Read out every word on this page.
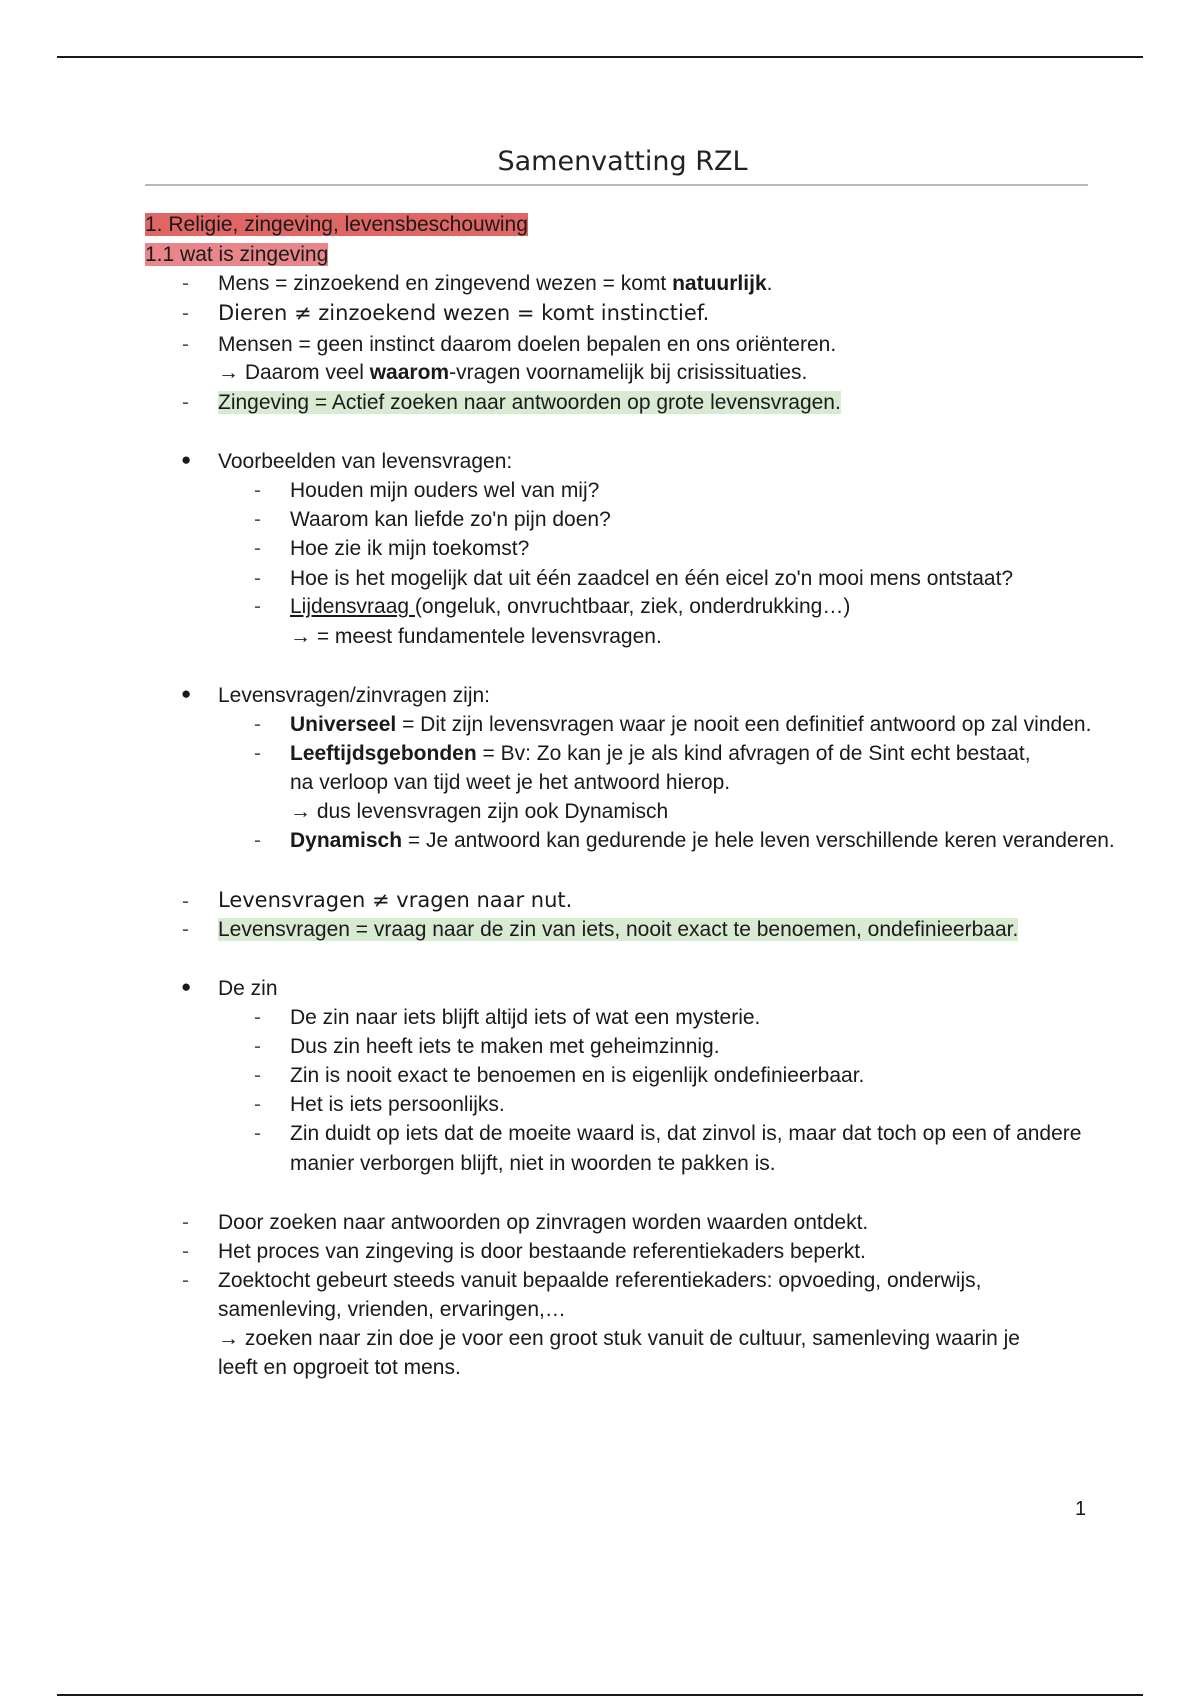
Samenvatting RZL
1. Religie, zingeving, levensbeschouwing
1.1 wat is zingeving
- Mens = zinzoekend en zingevend wezen = komt natuurlijk.
- Dieren ≠ zinzoekend wezen = komt instinctief.
- Mensen = geen instinct daarom doelen bepalen en ons oriënteren.
→ Daarom veel waarom-vragen voornamelijk bij crisissituaties.
- Zingeving = Actief zoeken naar antwoorden op grote levensvragen.
● Voorbeelden van levensvragen:
- Houden mijn ouders wel van mij?
- Waarom kan liefde zo'n pijn doen?
- Hoe zie ik mijn toekomst?
- Hoe is het mogelijk dat uit één zaadcel en één eicel zo'n mooi mens ontstaat?
- Lijdensvraag (ongeluk, onvruchtbaar, ziek, onderdrukking…)
→ = meest fundamentele levensvragen.
● Levensvragen/zinvragen zijn:
- Universeel = Dit zijn levensvragen waar je nooit een definitief antwoord op zal vinden.
- Leeftijdsgebonden = Bv: Zo kan je je als kind afvragen of de Sint echt bestaat,
na verloop van tijd weet je het antwoord hierop.
→ dus levensvragen zijn ook Dynamisch
- Dynamisch = Je antwoord kan gedurende je hele leven verschillende keren veranderen.
- Levensvragen ≠ vragen naar nut.
- Levensvragen = vraag naar de zin van iets, nooit exact te benoemen, ondefinieerbaar.
● De zin
- De zin naar iets blijft altijd iets of wat een mysterie.
- Dus zin heeft iets te maken met geheimzinnig.
- Zin is nooit exact te benoemen en is eigenlijk ondefinieerbaar.
- Het is iets persoonlijks.
- Zin duidt op iets dat de moeite waard is, dat zinvol is, maar dat toch op een of andere
manier verborgen blijft, niet in woorden te pakken is.
- Door zoeken naar antwoorden op zinvragen worden waarden ontdekt.
- Het proces van zingeving is door bestaande referentiekaders beperkt.
- Zoektocht gebeurt steeds vanuit bepaalde referentiekaders: opvoeding, onderwijs,
samenleving, vrienden, ervaringen,…
→ zoeken naar zin doe je voor een groot stuk vanuit de cultuur, samenleving waarin je
leeft en opgroeit tot mens.
1
